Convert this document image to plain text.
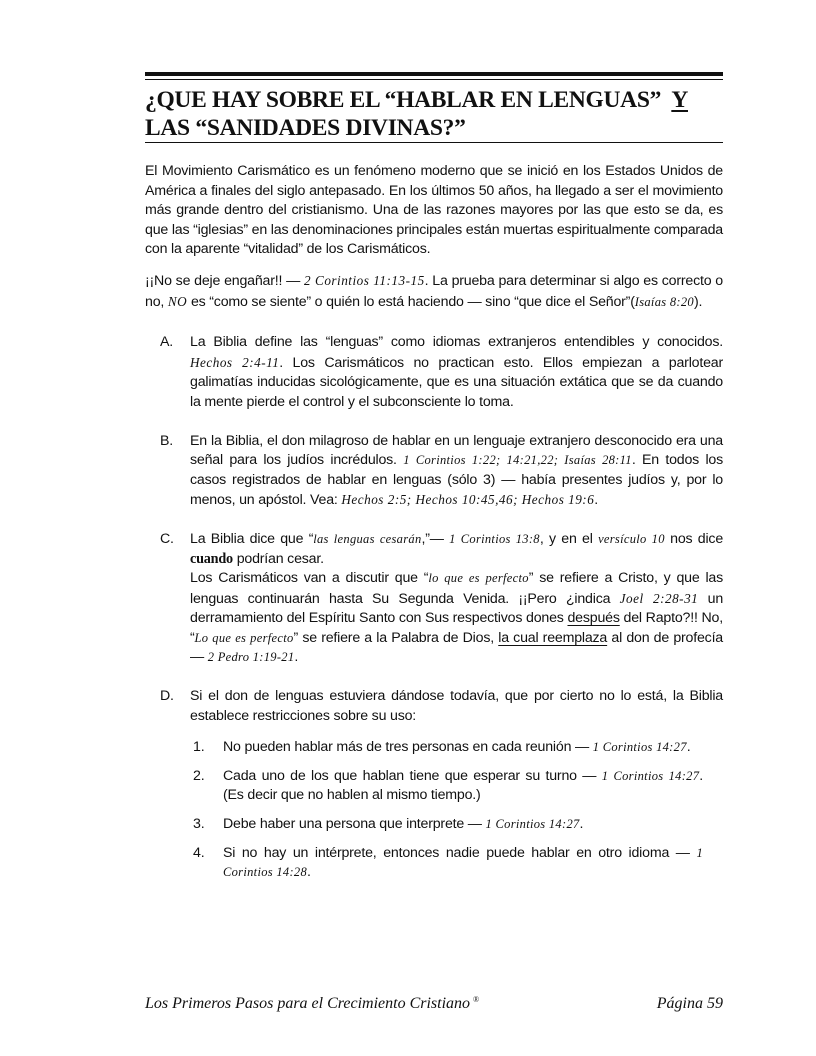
¿QUE HAY SOBRE EL “HABLAR EN LENGUAS” Y
LAS “SANIDADES DIVINAS?”

El Movimiento Carismático es un fenómeno moderno que se inició en los Estados Unidos de América a finales del siglo antepasado. En los últimos 50 años, ha llegado a ser el movimiento más grande dentro del cristianismo. Una de las razones mayores por las que esto se da, es que las “iglesias” en las denominaciones principales están muertas espiritualmente comparada con la aparente “vitalidad” de los Carismáticos.

¡¡No se deje engañar!! — 2 Corintios 11:13-15. La prueba para determinar si algo es correcto o no, NO es “como se siente” o quién lo está haciendo — sino “que dice el Señor”(Isaías 8:20).

A. La Biblia define las “lenguas” como idiomas extranjeros entendibles y conocidos. Hechos 2:4-11. Los Carismáticos no practican esto. Ellos empiezan a parlotear galimatías inducidas sicológicamente, que es una situación extática que se da cuando la mente pierde el control y el subconsciente lo toma.
B. En la Biblia, el don milagroso de hablar en un lenguaje extranjero desconocido era una señal para los judíos incrédulos. 1 Corintios 1:22; 14:21,22; Isaías 28:11. En todos los casos registrados de hablar en lenguas (sólo 3) — había presentes judíos y, por lo menos, un apóstol. Vea: Hechos 2:5; Hechos 10:45,46; Hechos 19:6.
C. La Biblia dice que “las lenguas cesarán,”— 1 Corintios 13:8, y en el versículo 10 nos dice cuando podrían cesar.
Los Carismáticos van a discutir que “lo que es perfecto” se refiere a Cristo, y que las lenguas continuarán hasta Su Segunda Venida. ¡¡Pero ¿indica Joel 2:28-31 un derramamiento del Espíritu Santo con Sus respectivos dones después del Rapto?!! No, “Lo que es perfecto” se refiere a la Palabra de Dios, la cual reemplaza al don de profecía — 2 Pedro 1:19-21.
D. Si el don de lenguas estuviera dándose todavía, que por cierto no lo está, la Biblia establece restricciones sobre su uso:
1. No pueden hablar más de tres personas en cada reunión — 1 Corintios 14:27.
2. Cada uno de los que hablan tiene que esperar su turno — 1 Corintios 14:27. (Es decir que no hablen al mismo tiempo.)
3. Debe haber una persona que interprete — 1 Corintios 14:27.
4. Si no hay un intérprete, entonces nadie puede hablar en otro idioma — 1 Corintios 14:28.
Los Primeros Pasos para el Crecimiento Cristiano ®	Página 59
